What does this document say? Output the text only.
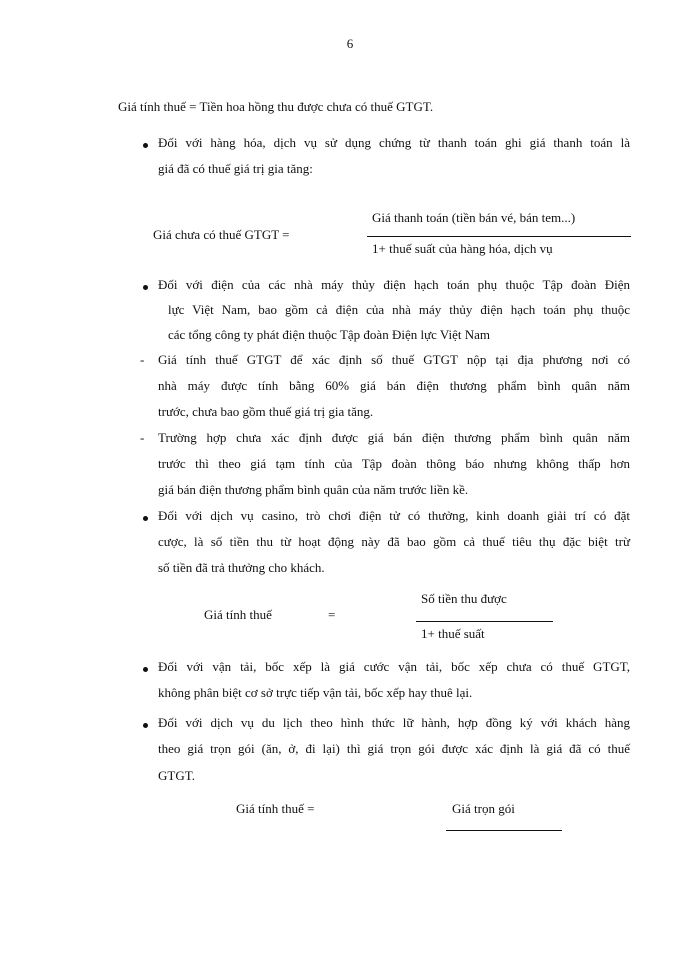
6
Giá tính thuế = Tiền hoa hồng thu được chưa có thuế GTGT.
Đối với hàng hóa, dịch vụ sử dụng chứng từ thanh toán ghi giá thanh toán là
giá đã có thuế giá trị gia tăng:
Giá chưa có thuế GTGT =
Giá thanh toán (tiền bán vé, bán tem...)
1+ thuế suất của hàng hóa, dịch vụ
Đối với điện của các nhà máy thủy điện hạch toán phụ thuộc Tập đoàn Điện
lực Việt Nam, bao gồm cả điện của nhà máy thủy điện hạch toán phụ thuộc
các tổng công ty phát điện thuộc Tập đoàn Điện lực Việt Nam
- Giá tính thuế GTGT để xác định số thuế GTGT nộp tại địa phương nơi có
nhà máy được tính bằng 60% giá bán điện thương phẩm bình quân năm
trước, chưa bao gồm thuế giá trị gia tăng.
- Trường hợp chưa xác định được giá bán điện thương phẩm bình quân năm
trước thì theo giá tạm tính của Tập đoàn thông báo nhưng không thấp hơn
giá bán điện thương phẩm bình quân của năm trước liền kề.
Đối với dịch vụ casino, trò chơi điện tử có thưởng, kinh doanh giải trí có đặt
cược, là số tiền thu từ hoạt động này đã bao gồm cả thuế tiêu thụ đặc biệt trừ
số tiền đã trả thưởng cho khách.
Giá tính thuế	=
Số tiền thu được
1+ thuế suất
Đối với vận tải, bốc xếp là giá cước vận tải, bốc xếp chưa có thuế GTGT,
không phân biệt cơ sở trực tiếp vận tải, bốc xếp hay thuê lại.
Đối với dịch vụ du lịch theo hình thức lữ hành, hợp đồng ký với khách hàng
theo giá trọn gói (ăn, ở, đi lại) thì giá trọn gói được xác định là giá đã có thuế
GTGT.
Giá tính thuế =	Giá trọn gói
